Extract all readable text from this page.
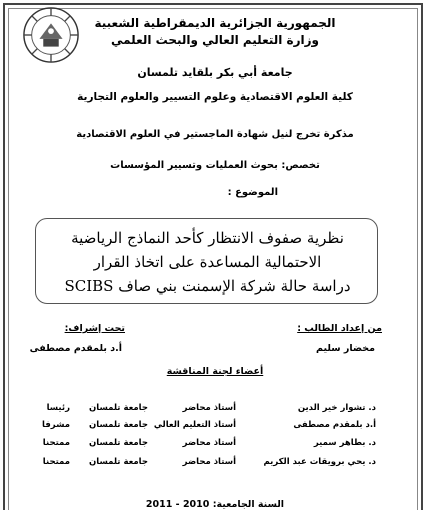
الجمهورية الجزائرية الديمقراطية الشعبية
وزارة التعليم العالي والبحث العلمي
جامعة أبي بكر بلقايد تلمسان
كلية العلوم الاقتصادية وعلوم التسيير والعلوم التجارية
مذكرة تخرج لنيل شهادة الماجستير في العلوم الاقتصادية
تخصص: بحوث العمليات وتسيير المؤسسات
الموضوع :
نظرية صفوف الانتظار كأحد النماذج الرياضية
الاحتمالية المساعدة على اتخاذ القرار
دراسة حالة شركة الإسمنت بني صاف SCIBS
من إعداد الطالب :
مخضار سليم
تحت إشراف:
أ.د بلمقدم مصطفى
أعضاء لجنة المناقشة
د. تشوار خير الدين
أستاذ محاضر
جامعة تلمسان
رئيسا
أ.د بلمقدم مصطفى
أستاذ التعليم العالي
جامعة تلمسان
مشرفا
د. بطاهر سمير
أستاذ محاضر
جامعة تلمسان
ممتحنا
د. يحي برويقات عبد الكريم
أستاذ محاضر
جامعة تلمسان
ممتحنا
السنة الجامعية: 2010 - 2011
